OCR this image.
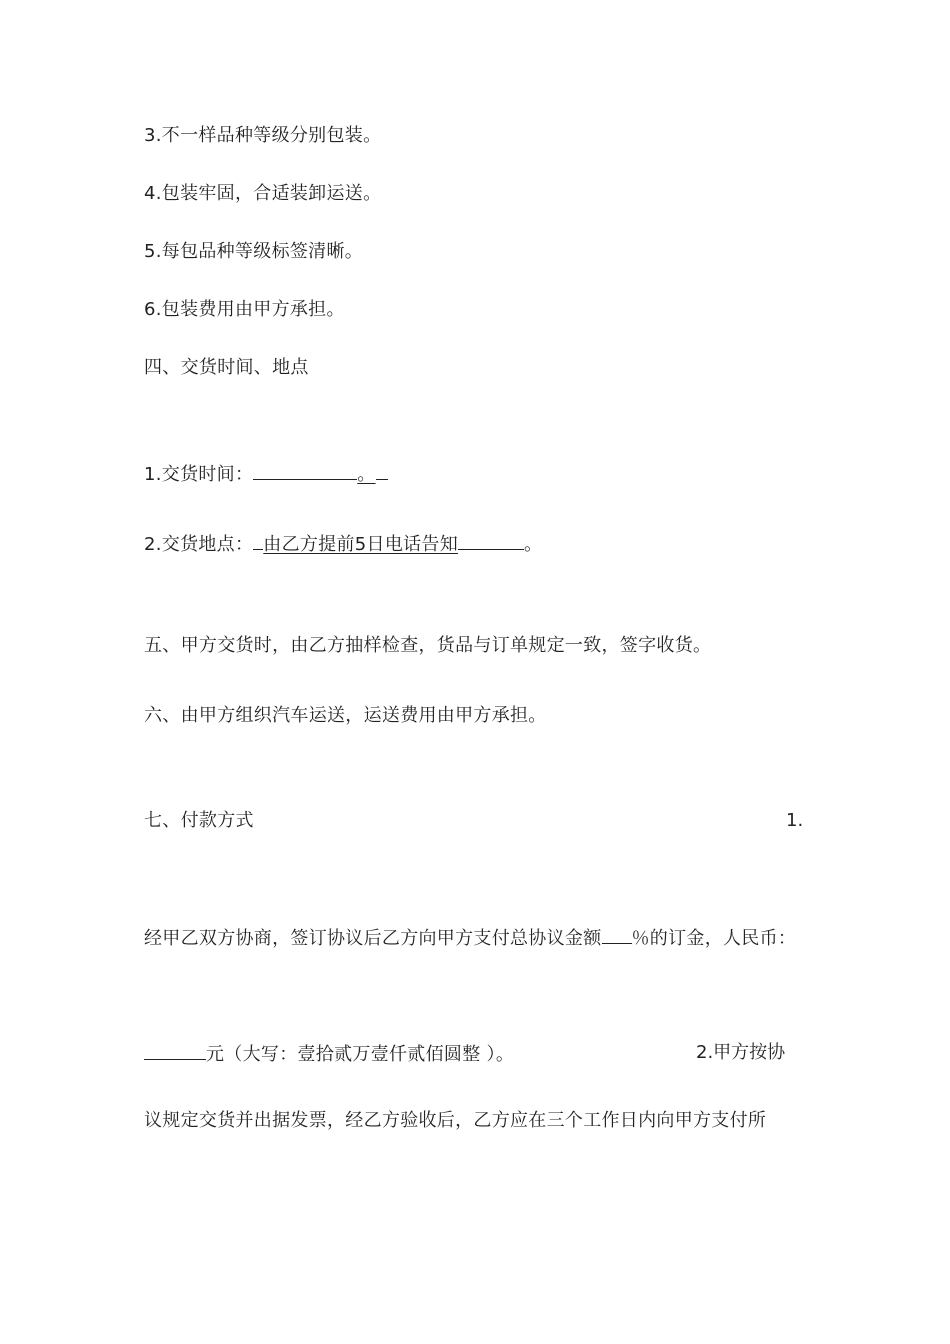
3.不一样品种等级分别包装。
4.包装牢固，合适装卸运送。
5.每包品种等级标签清晰。
6.包装费用由甲方承担。
四、交货时间、地点
1.交货时间：	。
2.交货地点： 由乙方提前5日电话告知	。
五、甲方交货时，由乙方抽样检查，货品与订单规定一致，签字收货。
六、由甲方组织汽车运送，运送费用由甲方承担。
七、付款方式	1.
经甲乙双方协商，签订协议后乙方向甲方支付总协议金额 ％的订金，人民币：
元（大写：壹拾贰万壹仟贰佰圆整 ）。	2.甲方按协
议规定交货并出据发票，经乙方验收后，乙方应在三个工作日内向甲方支付所
